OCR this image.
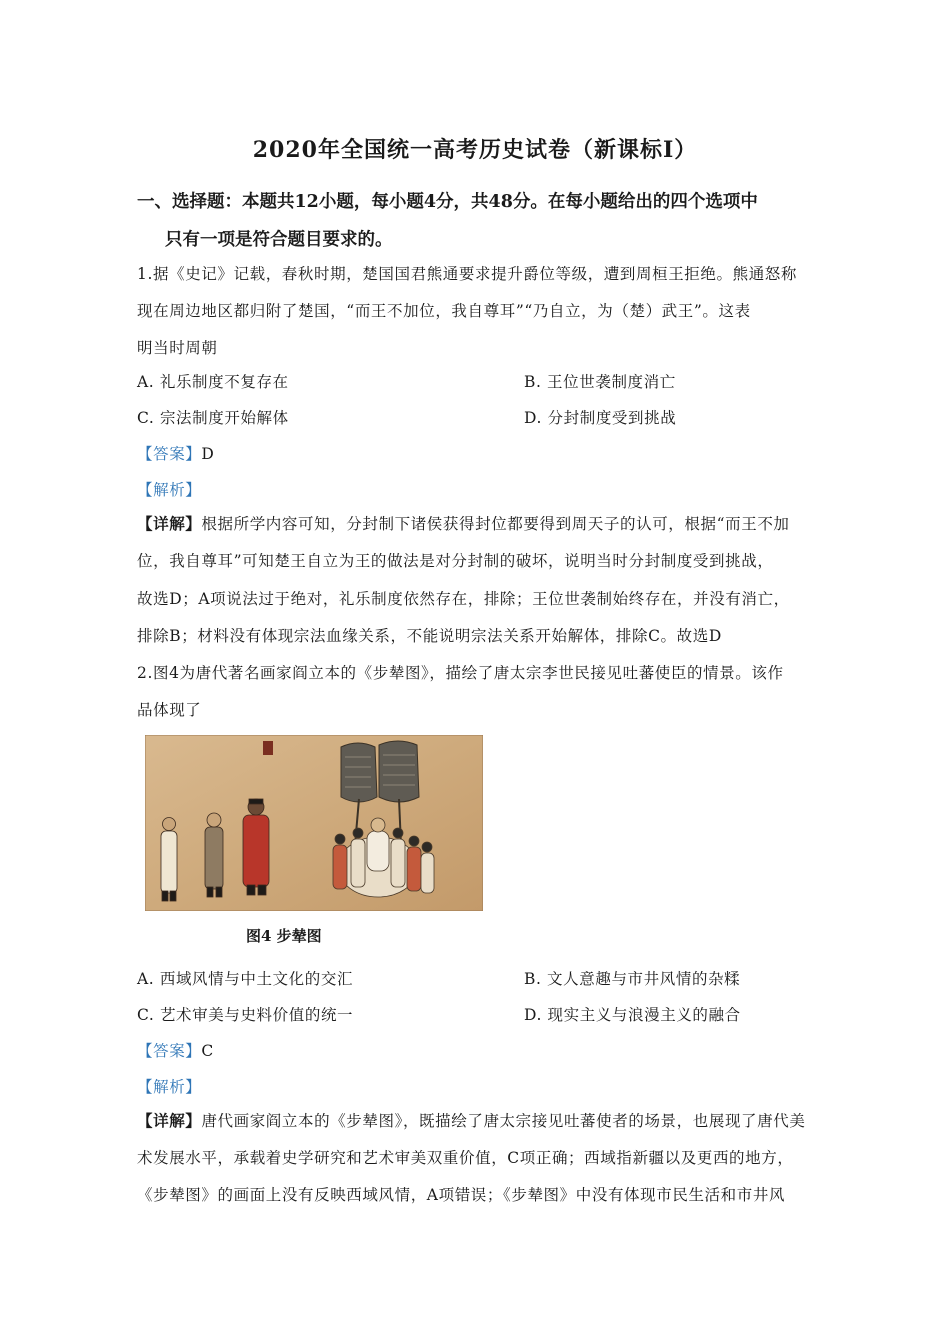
2020年全国统一高考历史试卷（新课标Ⅰ）
一、选择题：本题共12小题，每小题4分，共48分。在每小题给出的四个选项中
只有一项是符合题目要求的。
1.据《史记》记载，春秋时期，楚国国君熊通要求提升爵位等级，遭到周桓王拒绝。熊通怒称
现在周边地区都归附了楚国，“而王不加位，我自尊耳”“乃自立，为（楚）武王”。这表
明当时周朝
A. 礼乐制度不复存在	B. 王位世袭制度消亡
C. 宗法制度开始解体	D. 分封制度受到挑战
【答案】D
【解析】
【详解】根据所学内容可知，分封制下诸侯获得封位都要得到周天子的认可，根据“而王不加
位，我自尊耳”可知楚王自立为王的做法是对分封制的破坏，说明当时分封制度受到挑战，
故选D；A项说法过于绝对，礼乐制度依然存在，排除；王位世袭制始终存在，并没有消亡，
排除B；材料没有体现宗法血缘关系，不能说明宗法关系开始解体，排除C。故选D
2.图4为唐代著名画家阎立本的《步辇图》，描绘了唐太宗李世民接见吐蕃使臣的情景。该作
品体现了
图4 步辇图
A. 西域风情与中土文化的交汇	B. 文人意趣与市井风情的杂糅
C. 艺术审美与史料价值的统一	D. 现实主义与浪漫主义的融合
【答案】C
【解析】
【详解】唐代画家阎立本的《步辇图》，既描绘了唐太宗接见吐蕃使者的场景，也展现了唐代美
术发展水平，承载着史学研究和艺术审美双重价值，C项正确；西域指新疆以及更西的地方，
《步辇图》的画面上没有反映西域风情，A项错误；《步辇图》中没有体现市民生活和市井风
